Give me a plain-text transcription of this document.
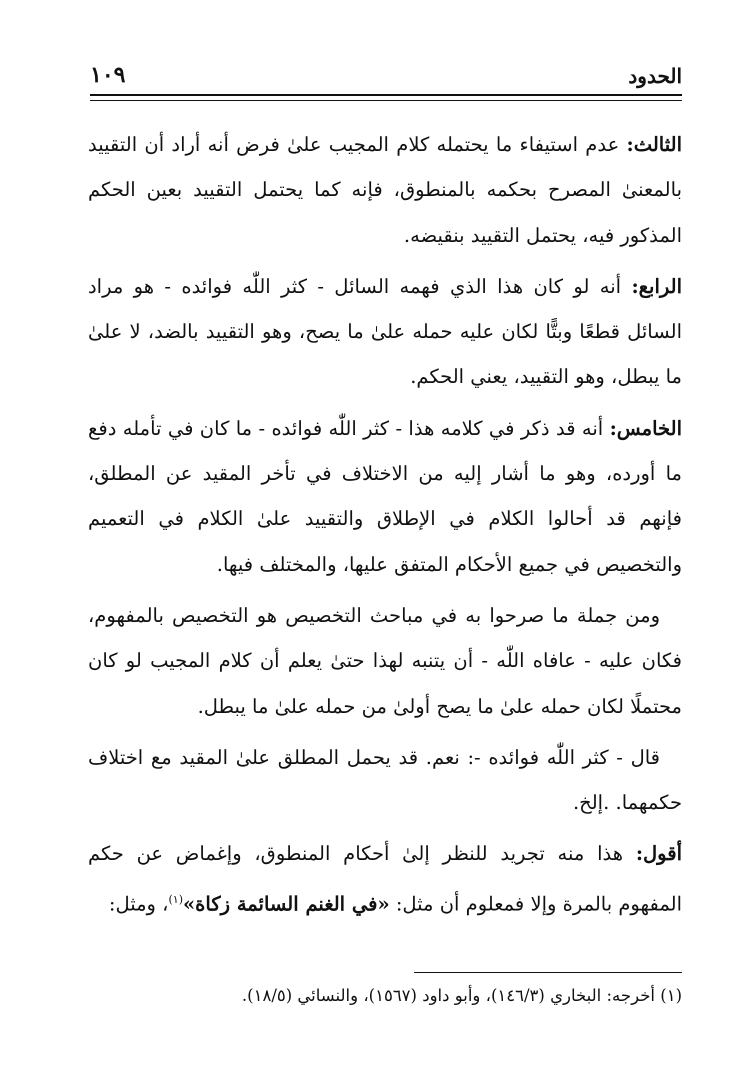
١٠٩	الحدود

الثالث: عدم استيفاء ما يحتمله كلام المجيب علىٰ فرض أنه أراد أن التقييد بالمعنىٰ المصرح بحكمه بالمنطوق، فإنه كما يحتمل التقييد بعين الحكم المذكور فيه، يحتمل التقييد بنقيضه.

الرابع: أنه لو كان هذا الذي فهمه السائل - كثر اللّٰه فوائده - هو مراد السائل قطعًا وبتًّا لكان عليه حمله علىٰ ما يصح، وهو التقييد بالضد، لا علىٰ ما يبطل، وهو التقييد، يعني الحكم.

الخامس: أنه قد ذكر في كلامه هذا - كثر اللّٰه فوائده - ما كان في تأمله دفع ما أورده، وهو ما أشار إليه من الاختلاف في تأخر المقيد عن المطلق، فإنهم قد أحالوا الكلام في الإطلاق والتقييد علىٰ الكلام في التعميم والتخصيص في جميع الأحكام المتفق عليها، والمختلف فيها.

ومن جملة ما صرحوا به في مباحث التخصيص هو التخصيص بالمفهوم، فكان عليه - عافاه اللّٰه - أن يتنبه لهذا حتىٰ يعلم أن كلام المجيب لو كان محتملًا لكان حمله علىٰ ما يصح أولىٰ من حمله علىٰ ما يبطل.

قال - كثر اللّٰه فوائده -: نعم. قد يحمل المطلق علىٰ المقيد مع اختلاف حكمهما. .إلخ.

أقول: هذا منه تجريد للنظر إلىٰ أحكام المنطوق، وإغماض عن حكم المفهوم بالمرة وإلا فمعلوم أن مثل: «في الغنم السائمة زكاة»$^{(١)}$، ومثل:

(١) أخرجه: البخاري (١٤٦/٣)، وأبو داود (١٥٦٧)، والنسائي (١٨/٥).
